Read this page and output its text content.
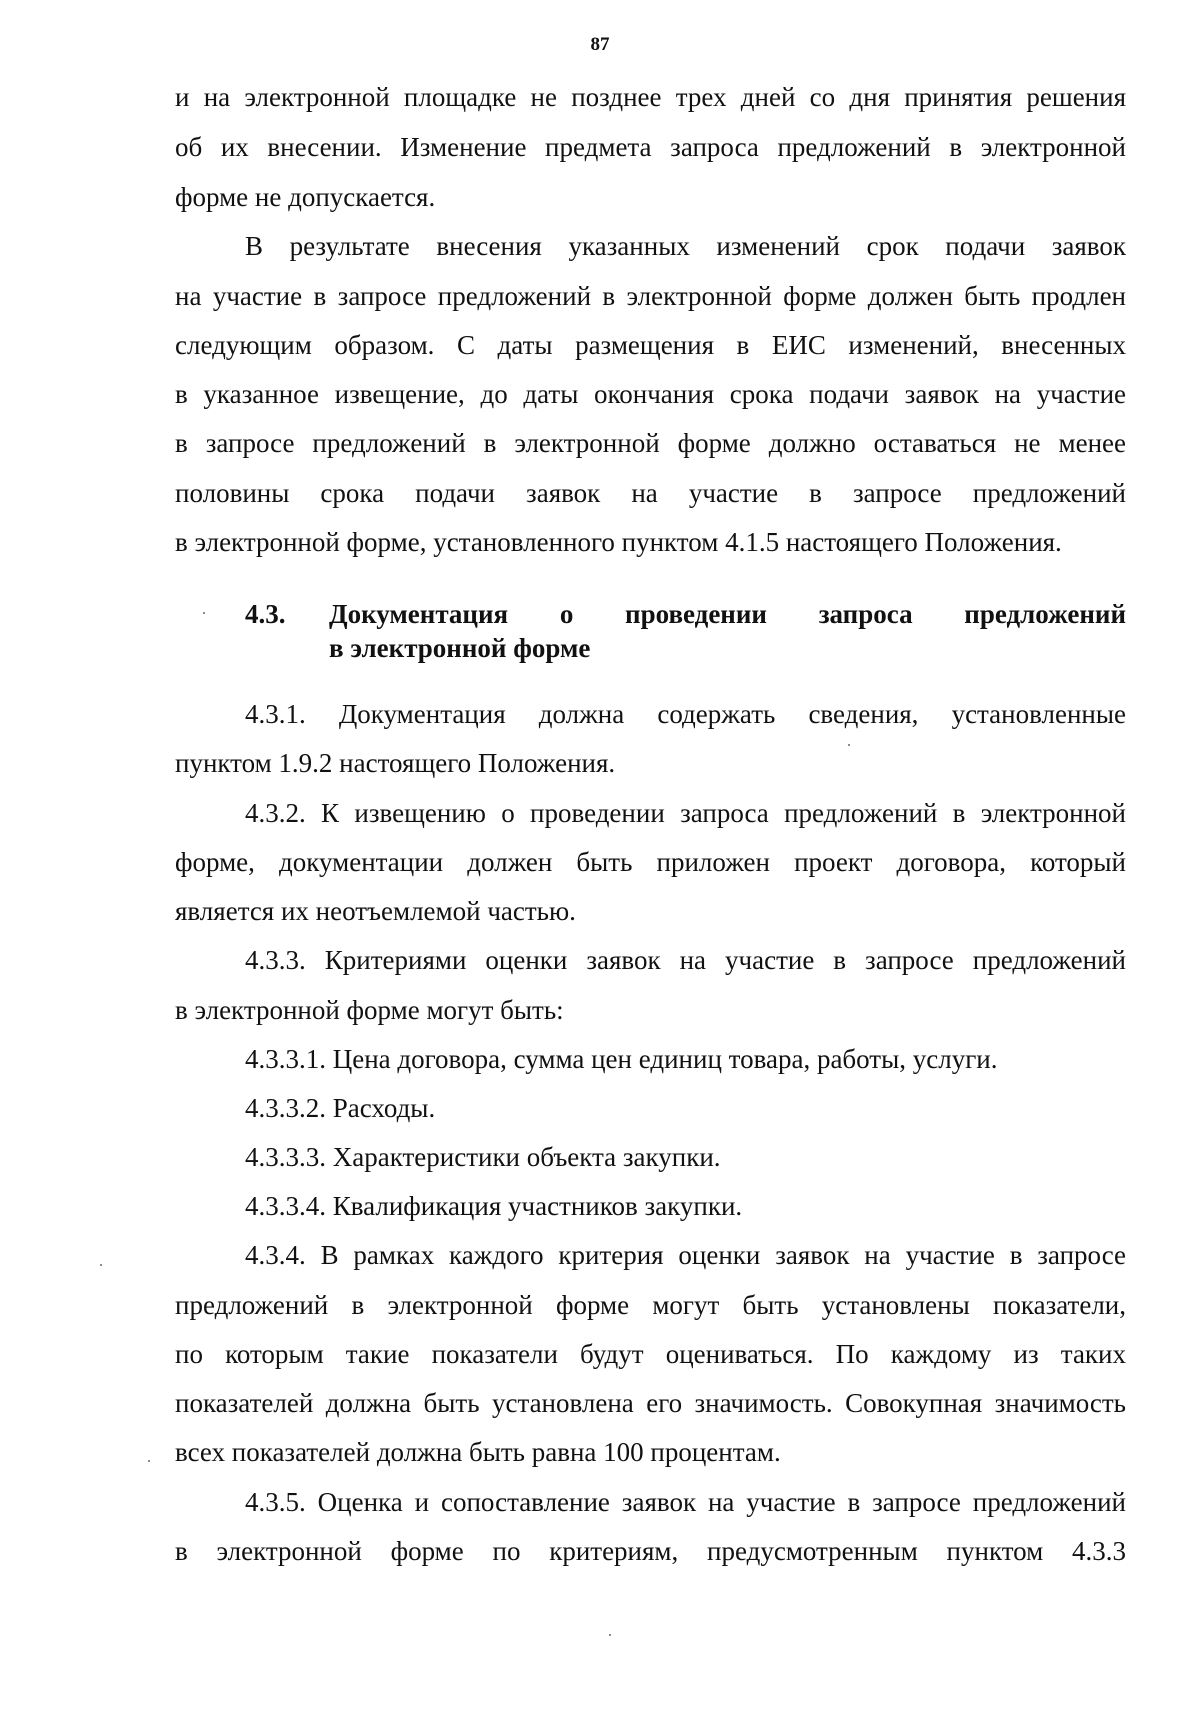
87
и на электронной площадке не позднее трех дней со дня принятия решения
об их внесении. Изменение предмета запроса предложений в электронной
форме не допускается.
В результате внесения указанных изменений срок подачи заявок
на участие в запросе предложений в электронной форме должен быть продлен
следующим образом. С даты размещения в ЕИС изменений, внесенных
в указанное извещение, до даты окончания срока подачи заявок на участие
в запросе предложений в электронной форме должно оставаться не менее
половины срока подачи заявок на участие в запросе предложений
в электронной форме, установленного пунктом 4.1.5 настоящего Положения.
4.3. Документация о проведении запроса предложений
в электронной форме
4.3.1. Документация должна содержать сведения, установленные
пунктом 1.9.2 настоящего Положения.
4.3.2. К извещению о проведении запроса предложений в электронной
форме, документации должен быть приложен проект договора, который
является их неотъемлемой частью.
4.3.3. Критериями оценки заявок на участие в запросе предложений
в электронной форме могут быть:
4.3.3.1. Цена договора, сумма цен единиц товара, работы, услуги.
4.3.3.2. Расходы.
4.3.3.3. Характеристики объекта закупки.
4.3.3.4. Квалификация участников закупки.
4.3.4. В рамках каждого критерия оценки заявок на участие в запросе
предложений в электронной форме могут быть установлены показатели,
по которым такие показатели будут оцениваться. По каждому из таких
показателей должна быть установлена его значимость. Совокупная значимость
всех показателей должна быть равна 100 процентам.
4.3.5. Оценка и сопоставление заявок на участие в запросе предложений
в электронной форме по критериям, предусмотренным пунктом 4.3.3
